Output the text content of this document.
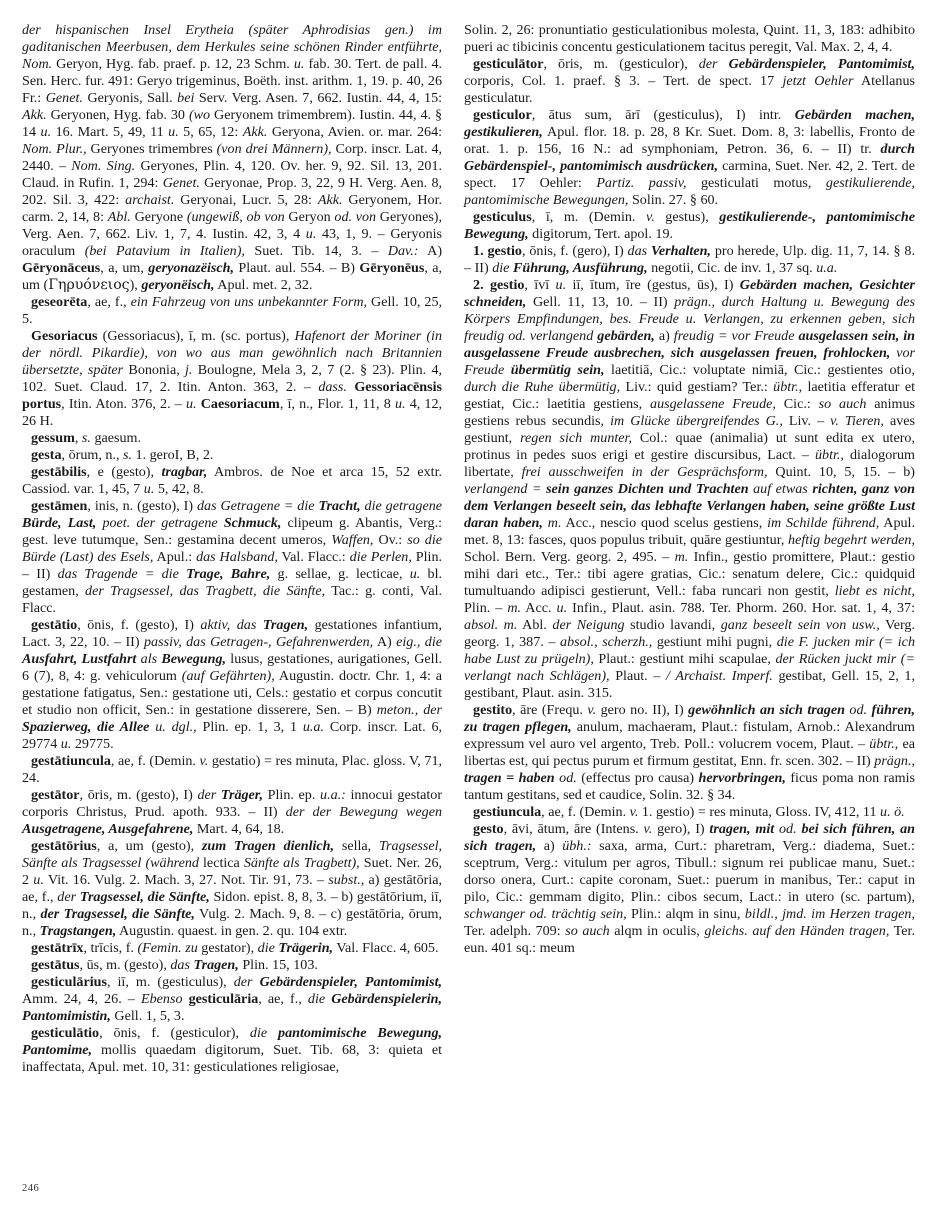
der hispanischen Insel Erytheia (später Aphrodisias gen.) im gaditanischen Meerbusen, dem Herkules seine schönen Rinder entführte, Nom. Geryon, Hyg. fab. praef. p. 12, 23 Schm. u. fab. 30. Tert. de pall. 4. Sen. Herc. fur. 491: Geryo trigeminus, Boëth. inst. arithm. 1, 19. p. 40, 26 Fr.: Genet. Geryonis, Sall. bei Serv. Verg. Asen. 7, 662. Iustin. 44, 4, 15: Akk. Geryonen, Hyg. fab. 30 (wo Geryonem trimembrem). Iustin. 44, 4. § 14 u. 16. Mart. 5, 49, 11 u. 5, 65, 12: Akk. Geryona, Avien. or. mar. 264: Nom. Plur., Geryones trimembres (von drei Männern), Corp. inscr. Lat. 4, 2440. – Nom. Sing. Geryones, Plin. 4, 120. Ov. her. 9, 92. Sil. 13, 201. Claud. in Rufin. 1, 294: Genet. Geryonae, Prop. 3, 22, 9 H. Verg. Aen. 8, 202. Sil. 3, 422: archaist. Geryonai, Lucr. 5, 28: Akk. Geryonem, Hor. carm. 2, 14, 8: Abl. Geryone (ungewiß, ob von Geryon od. von Geryones), Verg. Aen. 7, 662. Liv. 1, 7, 4. Iustin. 42, 3, 4 u. 43, 1, 9. – Geryonis oraculum (bei Patavium in Italien), Suet. Tib. 14, 3. – Dav.: A) Gēryonāceus, a, um, geryonazëisch, Plaut. aul. 554. – B) Gēryonēus, a, um (Γηρυόνειος), geryonëisch, Apul. met. 2, 32.

geseorēta, ae, f., ein Fahrzeug von uns unbekannter Form, Gell. 10, 25, 5.

Gesoriacus (Gessoriacus), ī, m. (sc. portus), Hafenort der Moriner (in der nördl. Pikardie), von wo aus man gewöhnlich nach Britannien übersetzte, später Bononia, j. Boulogne, Mela 3, 2, 7 (2. § 23). Plin. 4, 102. Suet. Claud. 17, 2. Itin. Anton. 363, 2. – dass. Gessoriacēnsis portus, Itin. Aton. 376, 2. – u. Caesoriacum, ī, n., Flor. 1, 11, 8 u. 4, 12, 26 H.

gessum, s. gaesum.

gesta, ōrum, n., s. 1. geroI, B, 2.

gestābilis, e (gesto), tragbar, Ambros. de Noe et arca 15, 52 extr. Cassiod. var. 1, 45, 7 u. 5, 42, 8.

gestāmen, inis, n. (gesto), I) das Getragene = die Tracht, die getragene Bürde, Last, poet. der getragene Schmuck, clipeum g. Abantis, Verg.: gest. leve tutumque, Sen.: gestamina decent umeros, Waffen, Ov.: so die Bürde (Last) des Esels, Apul.: das Halsband, Val. Flacc.: die Perlen, Plin. – II) das Tragende = die Trage, Bahre, g. sellae, g. lecticae, u. bl. gestamen, der Tragsessel, das Tragbett, die Sänfte, Tac.: g. conti, Val. Flacc.

gestātio, ōnis, f. (gesto), I) aktiv, das Tragen, gestationes infantium, Lact. 3, 22, 10. – II) passiv, das Getragen-, Gefahrenwerden, A) eig., die Ausfahrt, Lustfahrt als Bewegung, lusus, gestationes, aurigationes, Gell. 6 (7), 8, 4: g. vehiculorum (auf Gefährten), Augustin. doctr. Chr. 1, 4: a gestatione fatigatus, Sen.: gestatione uti, Cels.: gestatio et corpus concutit et studio non officit, Sen.: in gestatione disserere, Sen. – B) meton., der Spazierweg, die Allee u. dgl., Plin. ep. 1, 3, 1 u.a. Corp. inscr. Lat. 6, 29774 u. 29775.

gestātiuncula, ae, f. (Demin. v. gestatio) = res minuta, Plac. gloss. V, 71, 24.

gestātor, ōris, m. (gesto), I) der Träger, Plin. ep. u.a.: innocui gestator corporis Christus, Prud. apoth. 933. – II) der der Bewegung wegen Ausgetragene, Ausgefahrene, Mart. 4, 64, 18.

gestātōrius, a, um (gesto), zum Tragen dienlich, sella, Tragsessel, Sänfte als Tragsessel (während lectica Sänfte als Tragbett), Suet. Ner. 26, 2 u. Vit. 16. Vulg. 2. Mach. 3, 27. Not. Tir. 91, 73. – subst., a) gestātōria, ae, f., der Tragsessel, die Sänfte, Sidon. epist. 8, 8, 3. – b) gestātōrium, iī, n., der Tragsessel, die Sänfte, Vulg. 2. Mach. 9, 8. – c) gestātōria, ōrum, n., Tragstangen, Augustin. quaest. in gen. 2. qu. 104 extr.

gestātrīx, trīcis, f. (Femin. zu gestator), die Trägerin, Val. Flacc. 4, 605.

gestātus, ūs, m. (gesto), das Tragen, Plin. 15, 103.

gesticulārius, iī, m. (gesticulus), der Gebärdenspieler, Pantomimist, Amm. 24, 4, 26. – Ebenso gesticulāria, ae, f., die Gebärdenspielerin, Pantomimistin, Gell. 1, 5, 3.

gesticulātio, ōnis, f. (gesticulor), die pantomimische Bewegung, Pantomime, mollis quaedam digitorum, Suet. Tib. 68, 3: quieta et inaffectata, Apul. met. 10, 31: gesticulationes religiosae,

Solin. 2, 26: pronuntiatio gesticulationibus molesta, Quint. 11, 3, 183: adhibito pueri ac tibicinis concentu gesticulationem tacitus peregit, Val. Max. 2, 4, 4.

gesticulātor, ōris, m. (gesticulor), der Gebärdenspieler, Pantomimist, corporis, Col. 1. praef. § 3. – Tert. de spect. 17 jetzt Oehler Atellanus gesticulatur.

gesticulor, ātus sum, ārī (gesticulus), I) intr. Gebärden machen, gestikulieren, Apul. flor. 18. p. 28, 8 Kr. Suet. Dom. 8, 3: labellis, Fronto de orat. 1. p. 156, 16 N.: ad symphoniam, Petron. 36, 6. – II) tr. durch Gebärdenspiel-, pantomimisch ausdrücken, carmina, Suet. Ner. 42, 2. Tert. de spect. 17 Oehler: Partiz. passiv, gesticulati motus, gestikulierende, pantomimische Bewegungen, Solin. 27. § 60.

gesticulus, ī, m. (Demin. v. gestus), gestikulierende-, pantomimische Bewegung, digitorum, Tert. apol. 19.

1. gestio, ōnis, f. (gero), I) das Verhalten, pro herede, Ulp. dig. 11, 7, 14. § 8. – II) die Führung, Ausführung, negotii, Cic. de inv. 1, 37 sq. u.a.

2. gestio, īvī u. iī, ītum, īre (gestus, ūs), I) Gebärden machen, Gesichter schneiden, Gell. 11, 13, 10. – II) prägn., durch Haltung u. Bewegung des Körpers Empfindungen, bes. Freude u. Verlangen, zu erkennen geben, sich freudig od. verlangend gebärden, a) freudig = vor Freude ausgelassen sein, in ausgelassene Freude ausbrechen, sich ausgelassen freuen, frohlocken, vor Freude übermütig sein, laetitiā, Cic.: voluptate nimiā, Cic.: gestientes otio, durch die Ruhe übermütig, Liv.: quid gestiam? Ter.: übtr., laetitia efferatur et gestiat, Cic.: laetitia gestiens, ausgelassene Freude, Cic.: so auch animus gestiens rebus secundis, im Glücke übergreifendes G., Liv. – v. Tieren, aves gestiunt, regen sich munter, Col.: quae (animalia) ut sunt edita ex utero, protinus in pedes suos erigi et gestire discursibus, Lact. – übtr., dialogorum libertate, frei ausschweifen in der Gesprächsform, Quint. 10, 5, 15. – b) verlangend = sein ganzes Dichten und Trachten auf etwas richten, ganz von dem Verlangen beseelt sein, das lebhafte Verlangen haben, seine größte Lust daran haben, m. Acc., nescio quod scelus gestiens, im Schilde führend, Apul. met. 8, 13: fasces, quos populus tribuit, quāre gestiuntur, heftig begehrt werden, Schol. Bern. Verg. georg. 2, 495. – m. Infin., gestio promittere, Plaut.: gestio mihi dari etc., Ter.: tibi agere gratias, Cic.: senatum delere, Cic.: quidquid tumultuando adipisci gestierunt, Vell.: faba runcari non gestit, liebt es nicht, Plin. – m. Acc. u. Infin., Plaut. asin. 788. Ter. Phorm. 260. Hor. sat. 1, 4, 37: absol. m. Abl. der Neigung studio lavandi, ganz beseelt sein von usw., Verg. georg. 1, 387. – absol., scherzh., gestiunt mihi pugni, die F. jucken mir (= ich habe Lust zu prügeln), Plaut.: gestiunt mihi scapulae, der Rücken juckt mir (= verlangt nach Schlägen), Plaut. – / Archaist. Imperf. gestibat, Gell. 15, 2, 1, gestibant, Plaut. asin. 315.

gestito, āre (Frequ. v. gero no. II), I) gewöhnlich an sich tragen od. führen, zu tragen pflegen, anulum, machaeram, Plaut.: fistulam, Arnob.: Alexandrum expressum vel auro vel argento, Treb. Poll.: volucrem vocem, Plaut. – übtr., ea libertas est, qui pectus purum et firmum gestitat, Enn. fr. scen. 302. – II) prägn., tragen = haben od. (effectus pro causa) hervorbringen, ficus poma non ramis tantum gestitans, sed et caudice, Solin. 32. § 34.

gestiuncula, ae, f. (Demin. v. 1. gestio) = res minuta, Gloss. IV, 412, 11 u. ö.

gesto, āvi, ātum, āre (Intens. v. gero), I) tragen, mit od. bei sich führen, an sich tragen, a) übh.: saxa, arma, Curt.: pharetram, Verg.: diadema, Suet.: sceptrum, Verg.: vitulum per agros, Tibull.: signum rei publicae manu, Suet.: dorso onera, Curt.: capite coronam, Suet.: puerum in manibus, Ter.: caput in pilo, Cic.: gemmam digito, Plin.: cibos secum, Lact.: in utero (sc. partum), schwanger od. trächtig sein, Plin.: alqm in sinu, bildl., jmd. im Herzen tragen, Ter. adelph. 709: so auch alqm in oculis, gleichs. auf den Händen tragen, Ter. eun. 401 sq.: meum

246
